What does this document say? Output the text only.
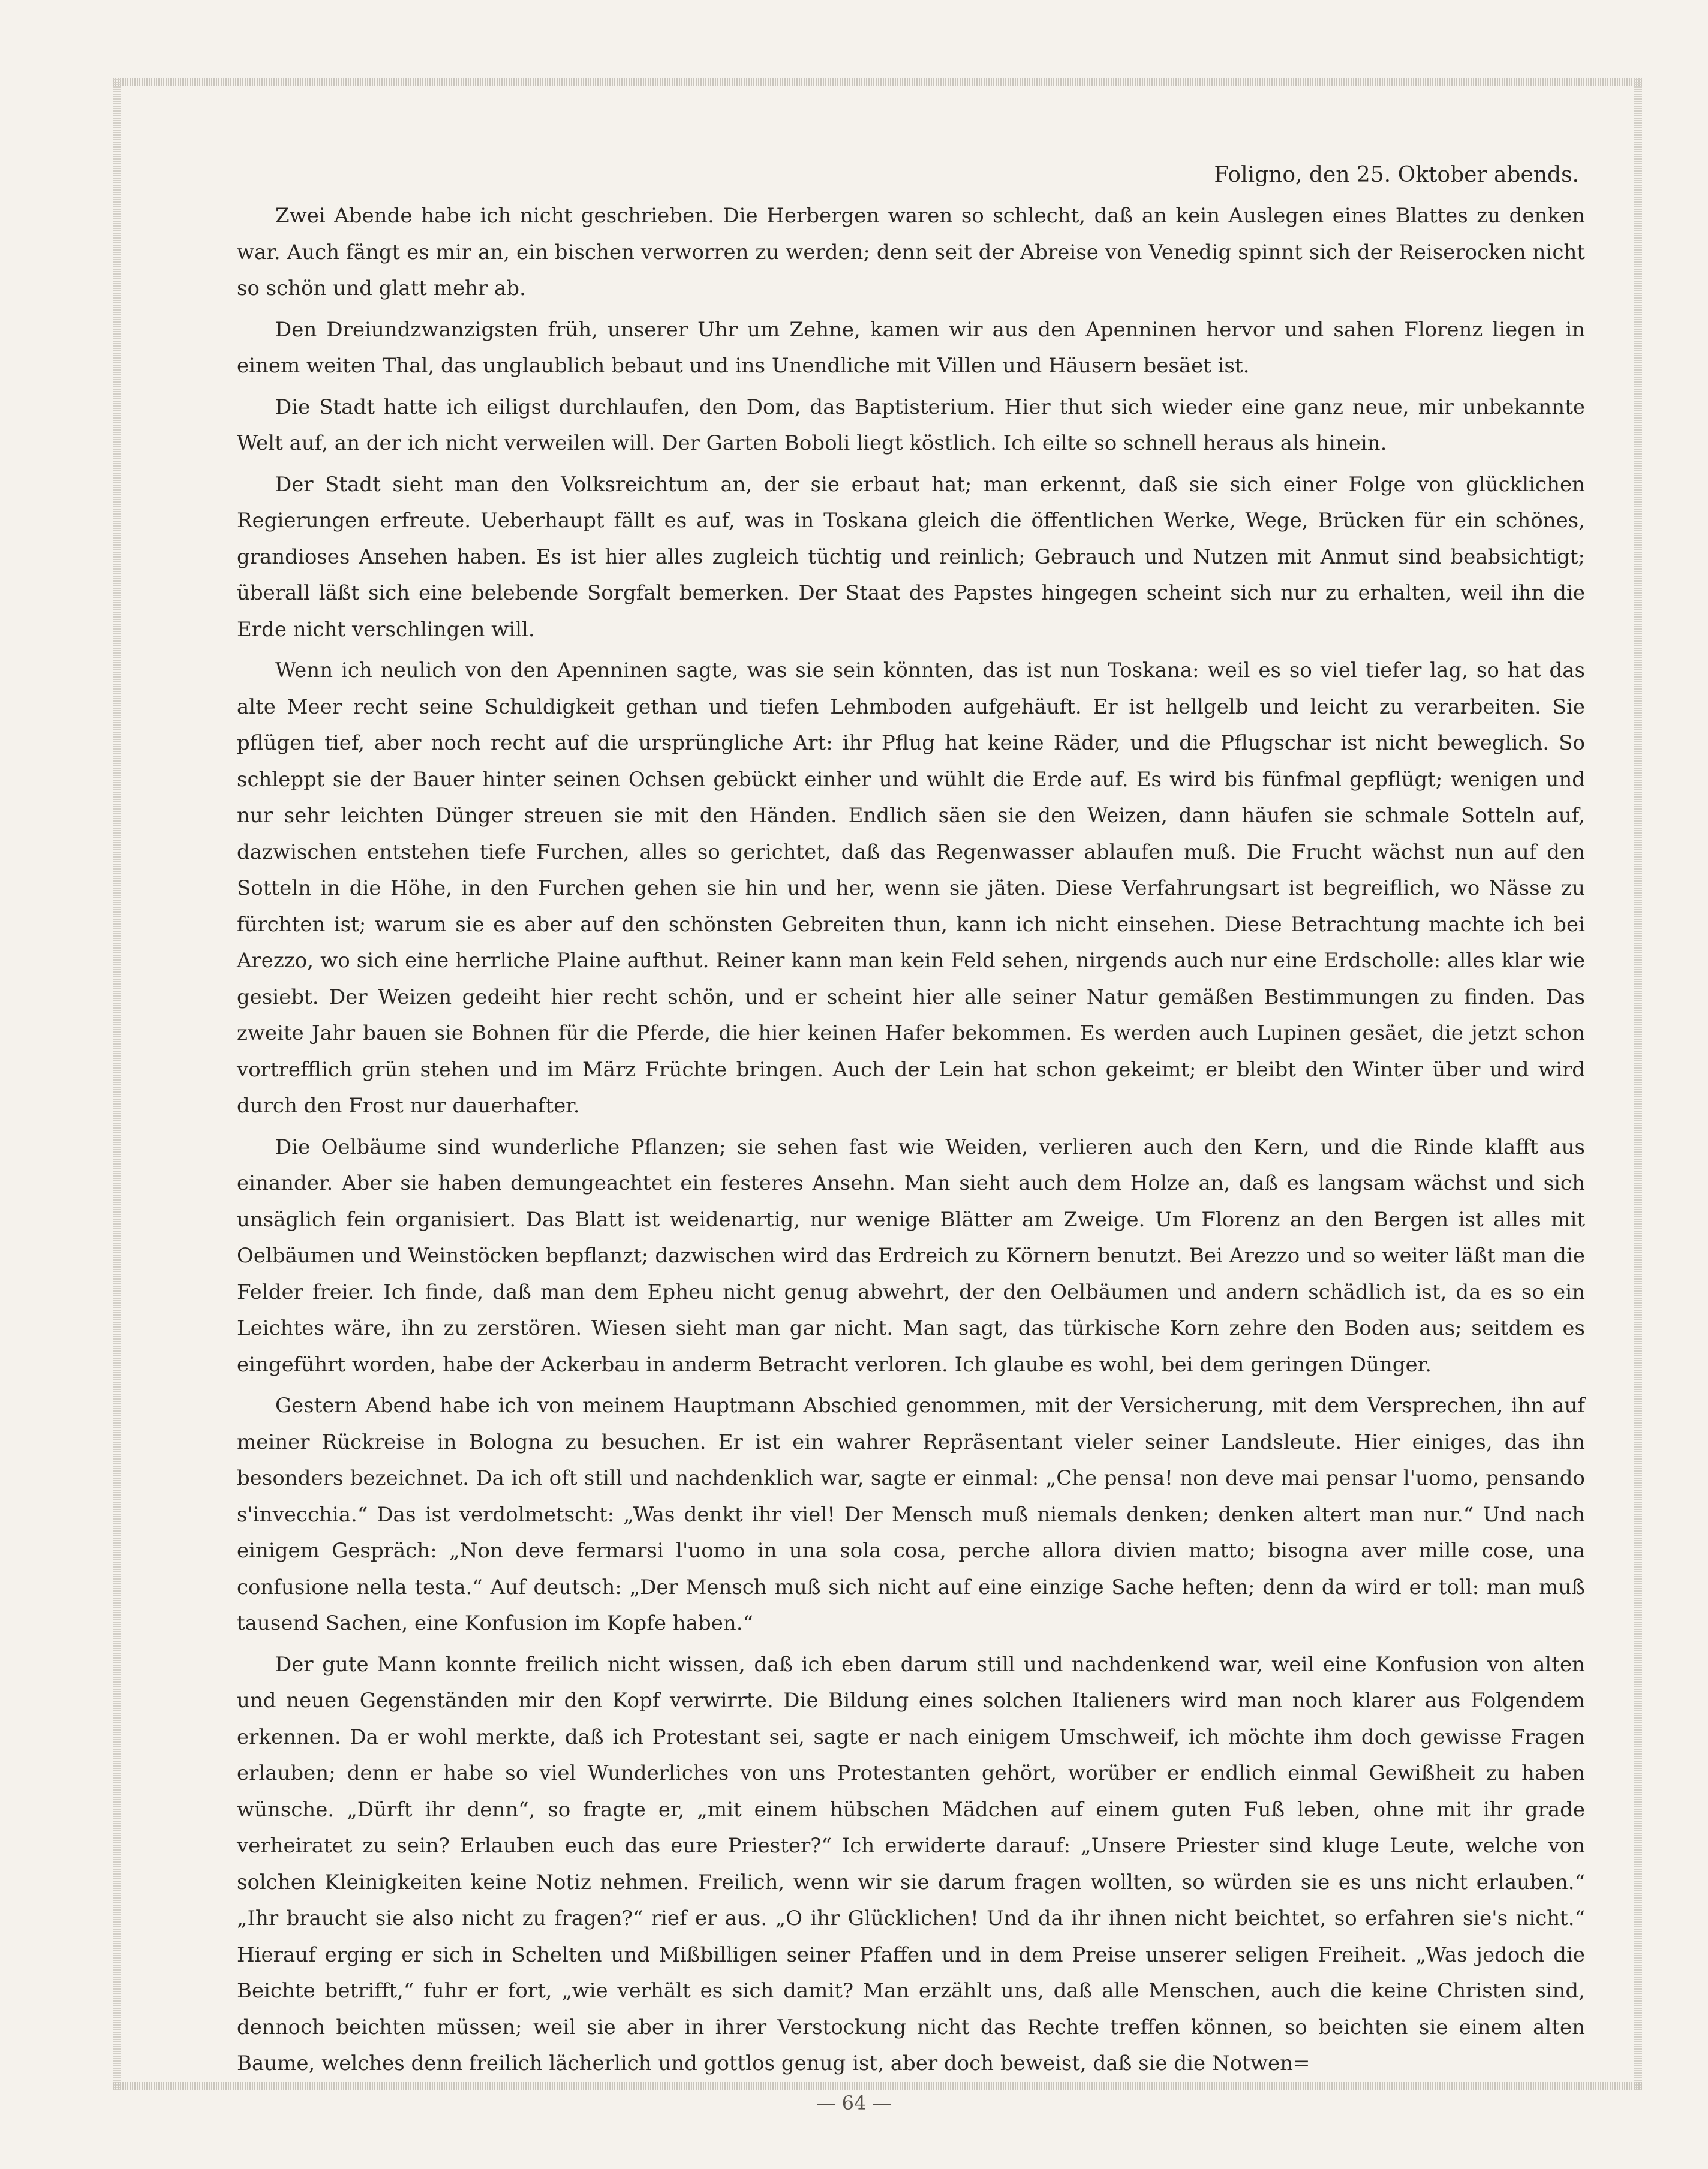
Foligno, den 25. Oktober abends.

Zwei Abende habe ich nicht geschrieben. Die Herbergen waren so schlecht, daß an kein Auslegen eines Blattes zu denken war. Auch fängt es mir an, ein bischen verworren zu werden; denn seit der Abreise von Venedig spinnt sich der Reiserocken nicht so schön und glatt mehr ab.

Den Dreiundzwanzigsten früh, unserer Uhr um Zehne, kamen wir aus den Apenninen hervor und sahen Florenz liegen in einem weiten Thal, das unglaublich bebaut und ins Unendliche mit Villen und Häusern besäet ist.

Die Stadt hatte ich eiligst durchlaufen, den Dom, das Baptisterium. Hier thut sich wieder eine ganz neue, mir unbekannte Welt auf, an der ich nicht verweilen will. Der Garten Boboli liegt köstlich. Ich eilte so schnell heraus als hinein.

Der Stadt sieht man den Volksreichtum an, der sie erbaut hat; man erkennt, daß sie sich einer Folge von glücklichen Regierungen erfreute. Ueberhaupt fällt es auf, was in Toskana gleich die öffentlichen Werke, Wege, Brücken für ein schönes, grandioses Ansehen haben. Es ist hier alles zugleich tüchtig und reinlich; Gebrauch und Nutzen mit Anmut sind beabsichtigt; überall läßt sich eine belebende Sorgfalt bemerken. Der Staat des Papstes hingegen scheint sich nur zu erhalten, weil ihn die Erde nicht verschlingen will.

Wenn ich neulich von den Apenninen sagte, was sie sein könnten, das ist nun Toskana: weil es so viel tiefer lag, so hat das alte Meer recht seine Schuldigkeit gethan und tiefen Lehmboden aufgehäuft. Er ist hellgelb und leicht zu verarbeiten. Sie pflügen tief, aber noch recht auf die ursprüngliche Art: ihr Pflug hat keine Räder, und die Pflugschar ist nicht beweglich. So schleppt sie der Bauer hinter seinen Ochsen gebückt einher und wühlt die Erde auf. Es wird bis fünfmal gepflügt; wenigen und nur sehr leichten Dünger streuen sie mit den Händen. Endlich säen sie den Weizen, dann häufen sie schmale Sotteln auf, dazwischen entstehen tiefe Furchen, alles so gerichtet, daß das Regenwasser ablaufen muß. Die Frucht wächst nun auf den Sotteln in die Höhe, in den Furchen gehen sie hin und her, wenn sie jäten. Diese Verfahrungsart ist begreiflich, wo Nässe zu fürchten ist; warum sie es aber auf den schönsten Gebreiten thun, kann ich nicht einsehen. Diese Betrachtung machte ich bei Arezzo, wo sich eine herrliche Plaine aufthut. Reiner kann man kein Feld sehen, nirgends auch nur eine Erdscholle: alles klar wie gesiebt. Der Weizen gedeiht hier recht schön, und er scheint hier alle seiner Natur gemäßen Bestimmungen zu finden. Das zweite Jahr bauen sie Bohnen für die Pferde, die hier keinen Hafer bekommen. Es werden auch Lupinen gesäet, die jetzt schon vortrefflich grün stehen und im März Früchte bringen. Auch der Lein hat schon gekeimt; er bleibt den Winter über und wird durch den Frost nur dauerhafter.

Die Oelbäume sind wunderliche Pflanzen; sie sehen fast wie Weiden, verlieren auch den Kern, und die Rinde klafft aus einander. Aber sie haben demungeachtet ein festeres Ansehn. Man sieht auch dem Holze an, daß es langsam wächst und sich unsäglich fein organisiert. Das Blatt ist weidenartig, nur wenige Blätter am Zweige. Um Florenz an den Bergen ist alles mit Oelbäumen und Weinstöcken bepflanzt; dazwischen wird das Erdreich zu Körnern benutzt. Bei Arezzo und so weiter läßt man die Felder freier. Ich finde, daß man dem Epheu nicht genug abwehrt, der den Oelbäumen und andern schädlich ist, da es so ein Leichtes wäre, ihn zu zerstören. Wiesen sieht man gar nicht. Man sagt, das türkische Korn zehre den Boden aus; seitdem es eingeführt worden, habe der Ackerbau in anderm Betracht verloren. Ich glaube es wohl, bei dem geringen Dünger.

Gestern Abend habe ich von meinem Hauptmann Abschied genommen, mit der Versicherung, mit dem Versprechen, ihn auf meiner Rückreise in Bologna zu besuchen. Er ist ein wahrer Repräsentant vieler seiner Landsleute. Hier einiges, das ihn besonders bezeichnet. Da ich oft still und nachdenklich war, sagte er einmal: „Che pensa! non deve mai pensar l'uomo, pensando s'invecchia.“ Das ist verdolmetscht: „Was denkt ihr viel! Der Mensch muß niemals denken; denken altert man nur.“ Und nach einigem Gespräch: „Non deve fermarsi l'uomo in una sola cosa, perche allora divien matto; bisogna aver mille cose, una confusione nella testa.“ Auf deutsch: „Der Mensch muß sich nicht auf eine einzige Sache heften; denn da wird er toll: man muß tausend Sachen, eine Konfusion im Kopfe haben.“

Der gute Mann konnte freilich nicht wissen, daß ich eben darum still und nachdenkend war, weil eine Konfusion von alten und neuen Gegenständen mir den Kopf verwirrte. Die Bildung eines solchen Italieners wird man noch klarer aus Folgendem erkennen. Da er wohl merkte, daß ich Protestant sei, sagte er nach einigem Umschweif, ich möchte ihm doch gewisse Fragen erlauben; denn er habe so viel Wunderliches von uns Protestanten gehört, worüber er endlich einmal Gewißheit zu haben wünsche. „Dürft ihr denn“, so fragte er, „mit einem hübschen Mädchen auf einem guten Fuß leben, ohne mit ihr grade verheiratet zu sein? Erlauben euch das eure Priester?“ Ich erwiderte darauf: „Unsere Priester sind kluge Leute, welche von solchen Kleinigkeiten keine Notiz nehmen. Freilich, wenn wir sie darum fragen wollten, so würden sie es uns nicht erlauben.“ „Ihr braucht sie also nicht zu fragen?“ rief er aus. „O ihr Glücklichen! Und da ihr ihnen nicht beichtet, so erfahren sie's nicht.“ Hierauf erging er sich in Schelten und Mißbilligen seiner Pfaffen und in dem Preise unserer seligen Freiheit. „Was jedoch die Beichte betrifft,“ fuhr er fort, „wie verhält es sich damit? Man erzählt uns, daß alle Menschen, auch die keine Christen sind, dennoch beichten müssen; weil sie aber in ihrer Verstockung nicht das Rechte treffen können, so beichten sie einem alten Baume, welches denn freilich lächerlich und gottlos genug ist, aber doch beweist, daß sie die Notwen=

— 64 —
